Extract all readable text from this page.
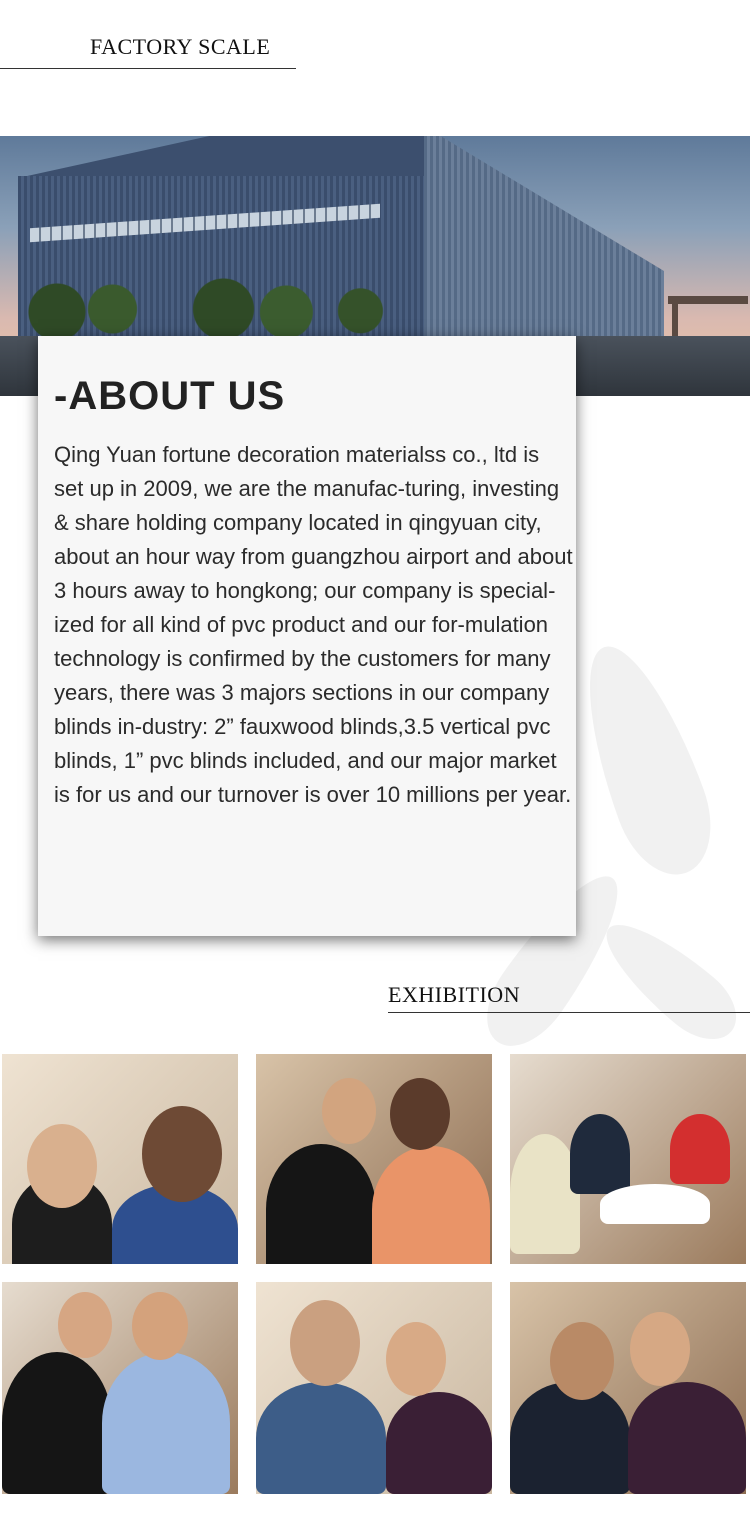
FACTORY SCALE
-ABOUT US

Qing Yuan fortune decoration materialss co., ltd is set up in 2009, we are the manufac-turing, investing & share holding company located in qingyuan city, about an hour way from guangzhou airport and about 3 hours away to hongkong; our company is special-ized for all kind of pvc product and our for-mulation technology is confirmed by the customers for many years, there was 3 majors sections in our company blinds in-dustry: 2” fauxwood blinds,3.5 vertical pvc blinds, 1” pvc blinds included, and our major market is for us and our turnover is over 10 millions per year.

EXHIBITION
